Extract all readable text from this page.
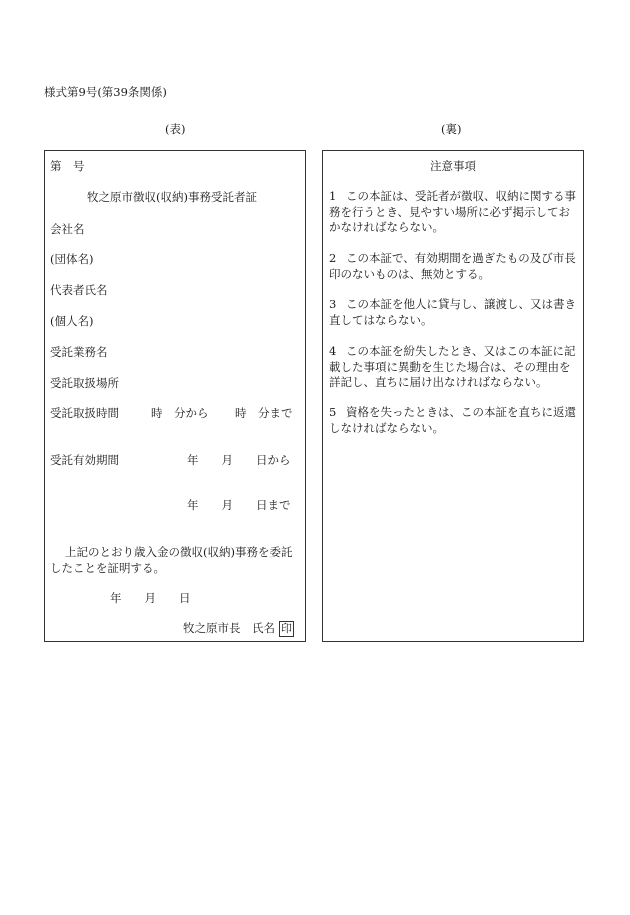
様式第9号(第39条関係)
(表)	(裏)
第　号
牧之原市徴収(収納)事務受託者証
会社名
(団体名)
代表者氏名
(個人名)
受託業務名
受託取扱場所
受託取扱時間	時　分から 時　分まで
受託有効期間	年　　月　　日から
年　　月　　日まで
上記のとおり歳入金の徴収(収納)事務を委託
したことを証明する。
年　　月　　日
牧之原市長　氏名 印
注意事項
1 この本証は、受託者が徴収、収納に関する事務を行うとき、見やすい場所に必ず掲示しておかなければならない。
2 この本証で、有効期間を過ぎたもの及び市長印のないものは、無効とする。
3 この本証を他人に貸与し、譲渡し、又は書き直してはならない。
4 この本証を紛失したとき、又はこの本証に記載した事項に異動を生じた場合は、その理由を詳記し、直ちに届け出なければならない。
5 資格を失ったときは、この本証を直ちに返還しなければならない。
